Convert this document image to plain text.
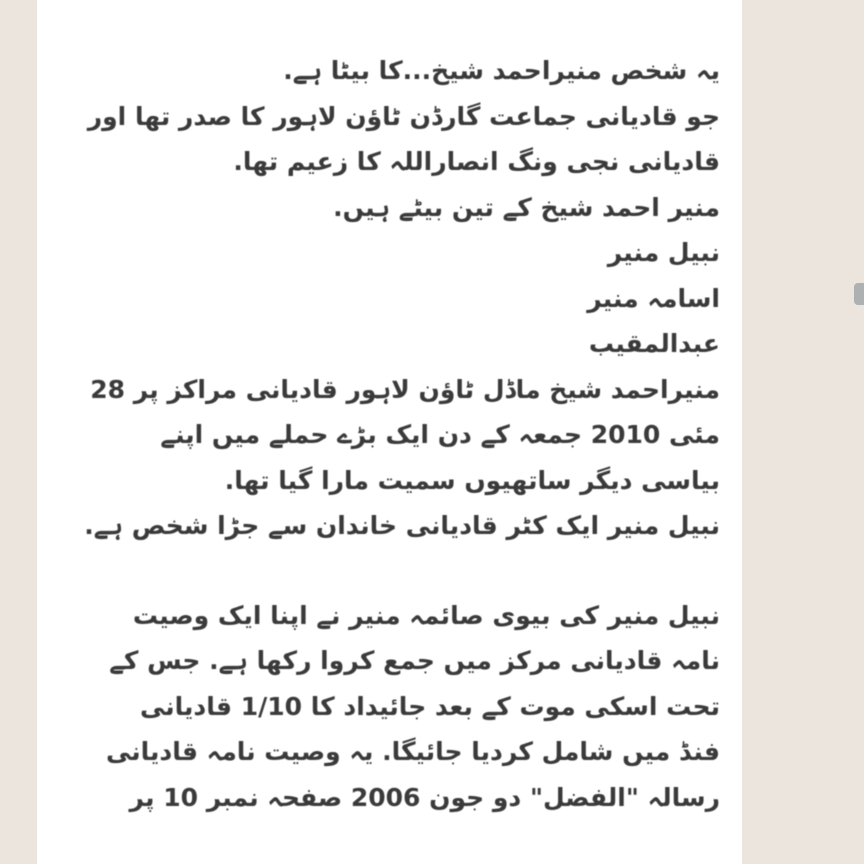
یہ شخص منیراحمد شیخ...کا بیٹا ہے.
جو قادیانی جماعت گارڈن ٹاؤن لاہور کا صدر تھا اور
قادیانی نجی ونگ انصاراللہ کا زعیم تھا.
منیر احمد شیخ کے تین بیٹے ہیں.
نبیل منیر
اسامہ منیر
عبدالمقیب
منیراحمد شیخ ماڈل ٹاؤن لاہور قادیانی مراکز پر 28
مئی 2010 جمعہ کے دن ایک بڑے حملے میں اپنے
بیاسی دیگر ساتھیوں سمیت مارا گیا تھا.
نبیل منیر ایک کٹر قادیانی خاندان سے جڑا شخص ہے.
نبیل منیر کی بیوی صائمہ منیر نے اپنا ایک وصیت
نامہ قادیانی مرکز میں جمع کروا رکھا ہے. جس کے
تحت اسکی موت کے بعد جائیداد کا 1/10 قادیانی
فنڈ میں شامل کردیا جائیگا. یہ وصیت نامہ قادیانی
رسالہ "الفضل" دو جون 2006 صفحہ نمبر 10 پر
